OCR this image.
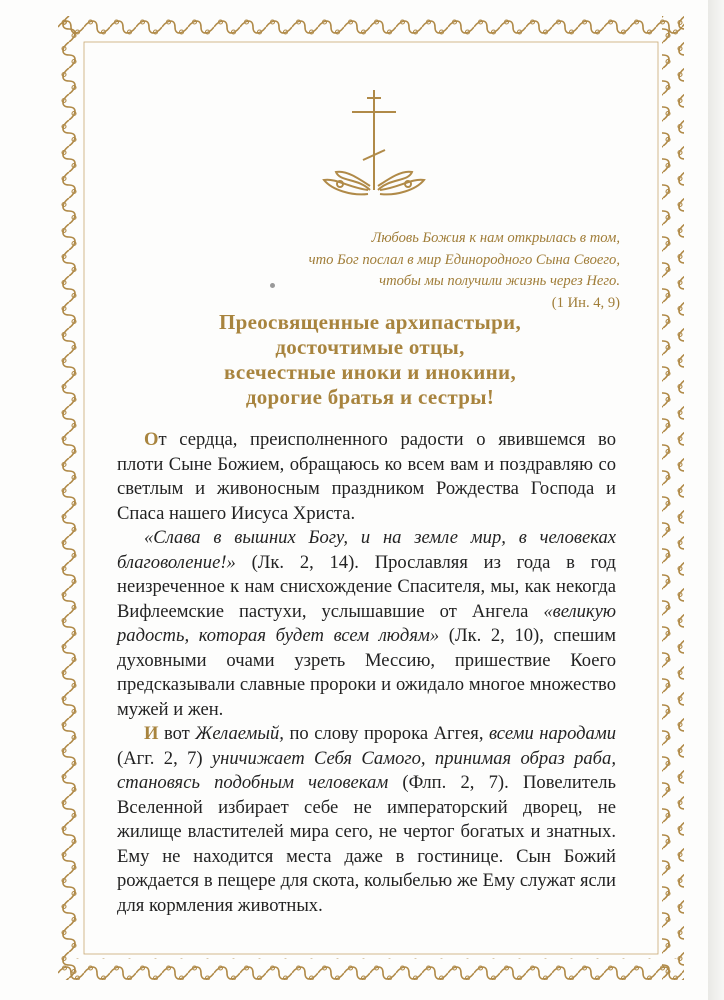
Любовь Божия к нам открылась в том,
что Бог послал в мир Единородного Сына Своего,
чтобы мы получили жизнь через Него.
(1 Ин. 4, 9)
Преосвященные архипастыри,
досточтимые отцы,
всечестные иноки и инокини,
дорогие братья и сестры!

От сердца, преисполненного радости о явившемся во плоти Сыне Божием, обращаюсь ко всем вам и поздравляю со светлым и живоносным праздником Рождества Господа и Спаса нашего Иисуса Христа.

«Слава в вышних Богу, и на земле мир, в человеках благоволение!» (Лк. 2, 14). Прославляя из года в год неизреченное к нам снисхождение Спасителя, мы, как некогда Вифлеемские пастухи, услышавшие от Ангела «великую радость, которая будет всем людям» (Лк. 2, 10), спешим духовными очами узреть Мессию, пришествие Коего предсказывали славные пророки и ожидало многое множество мужей и жен.

И вот Желаемый, по слову пророка Аггея, всеми народами (Агг. 2, 7) уничижает Себя Самого, принимая образ раба, становясь подобным человекам (Флп. 2, 7). Повелитель Вселенной избирает себе не императорский дворец, не жилище властителей мира сего, не чертог богатых и знатных. Ему не находится места даже в гостинице. Сын Божий рождается в пещере для скота, колыбелью же Ему служат ясли для кормления животных.
